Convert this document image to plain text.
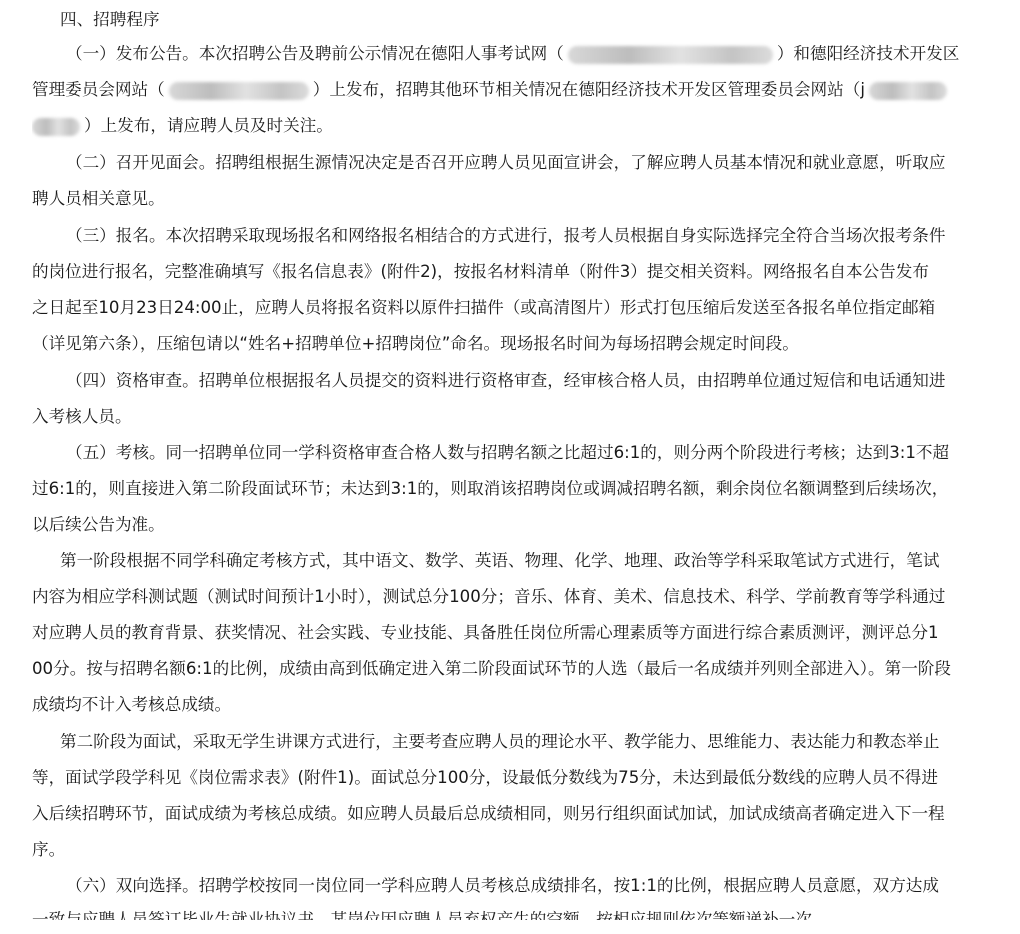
四、招聘程序
（一）发布公告。本次招聘公告及聘前公示情况在德阳人事考试网（	）和德阳经济技术开发区
管理委员会网站（	）上发布，招聘其他环节相关情况在德阳经济技术开发区管理委员会网站（j
）上发布，请应聘人员及时关注。
（二）召开见面会。招聘组根据生源情况决定是否召开应聘人员见面宣讲会，了解应聘人员基本情况和就业意愿，听取应
聘人员相关意见。
（三）报名。本次招聘采取现场报名和网络报名相结合的方式进行，报考人员根据自身实际选择完全符合当场次报考条件
的岗位进行报名，完整准确填写《报名信息表》(附件2)，按报名材料清单（附件3）提交相关资料。网络报名自本公告发布
之日起至10月23日24:00止，应聘人员将报名资料以原件扫描件（或高清图片）形式打包压缩后发送至各报名单位指定邮箱
（详见第六条），压缩包请以“姓名+招聘单位+招聘岗位”命名。现场报名时间为每场招聘会规定时间段。
（四）资格审查。招聘单位根据报名人员提交的资料进行资格审查，经审核合格人员，由招聘单位通过短信和电话通知进
入考核人员。
（五）考核。同一招聘单位同一学科资格审查合格人数与招聘名额之比超过6:1的，则分两个阶段进行考核；达到3:1不超
过6:1的，则直接进入第二阶段面试环节；未达到3:1的，则取消该招聘岗位或调减招聘名额，剩余岗位名额调整到后续场次，
以后续公告为准。
第一阶段根据不同学科确定考核方式，其中语文、数学、英语、物理、化学、地理、政治等学科采取笔试方式进行，笔试
内容为相应学科测试题（测试时间预计1小时），测试总分100分；音乐、体育、美术、信息技术、科学、学前教育等学科通过
对应聘人员的教育背景、获奖情况、社会实践、专业技能、具备胜任岗位所需心理素质等方面进行综合素质测评，测评总分1
00分。按与招聘名额6:1的比例，成绩由高到低确定进入第二阶段面试环节的人选（最后一名成绩并列则全部进入）。第一阶段
成绩均不计入考核总成绩。
第二阶段为面试，采取无学生讲课方式进行，主要考查应聘人员的理论水平、教学能力、思维能力、表达能力和教态举止
等，面试学段学科见《岗位需求表》(附件1)。面试总分100分，设最低分数线为75分，未达到最低分数线的应聘人员不得进
入后续招聘环节，面试成绩为考核总成绩。如应聘人员最后总成绩相同，则另行组织面试加试，加试成绩高者确定进入下一程
序。
（六）双向选择。招聘学校按同一岗位同一学科应聘人员考核总成绩排名，按1:1的比例，根据应聘人员意愿，双方达成
